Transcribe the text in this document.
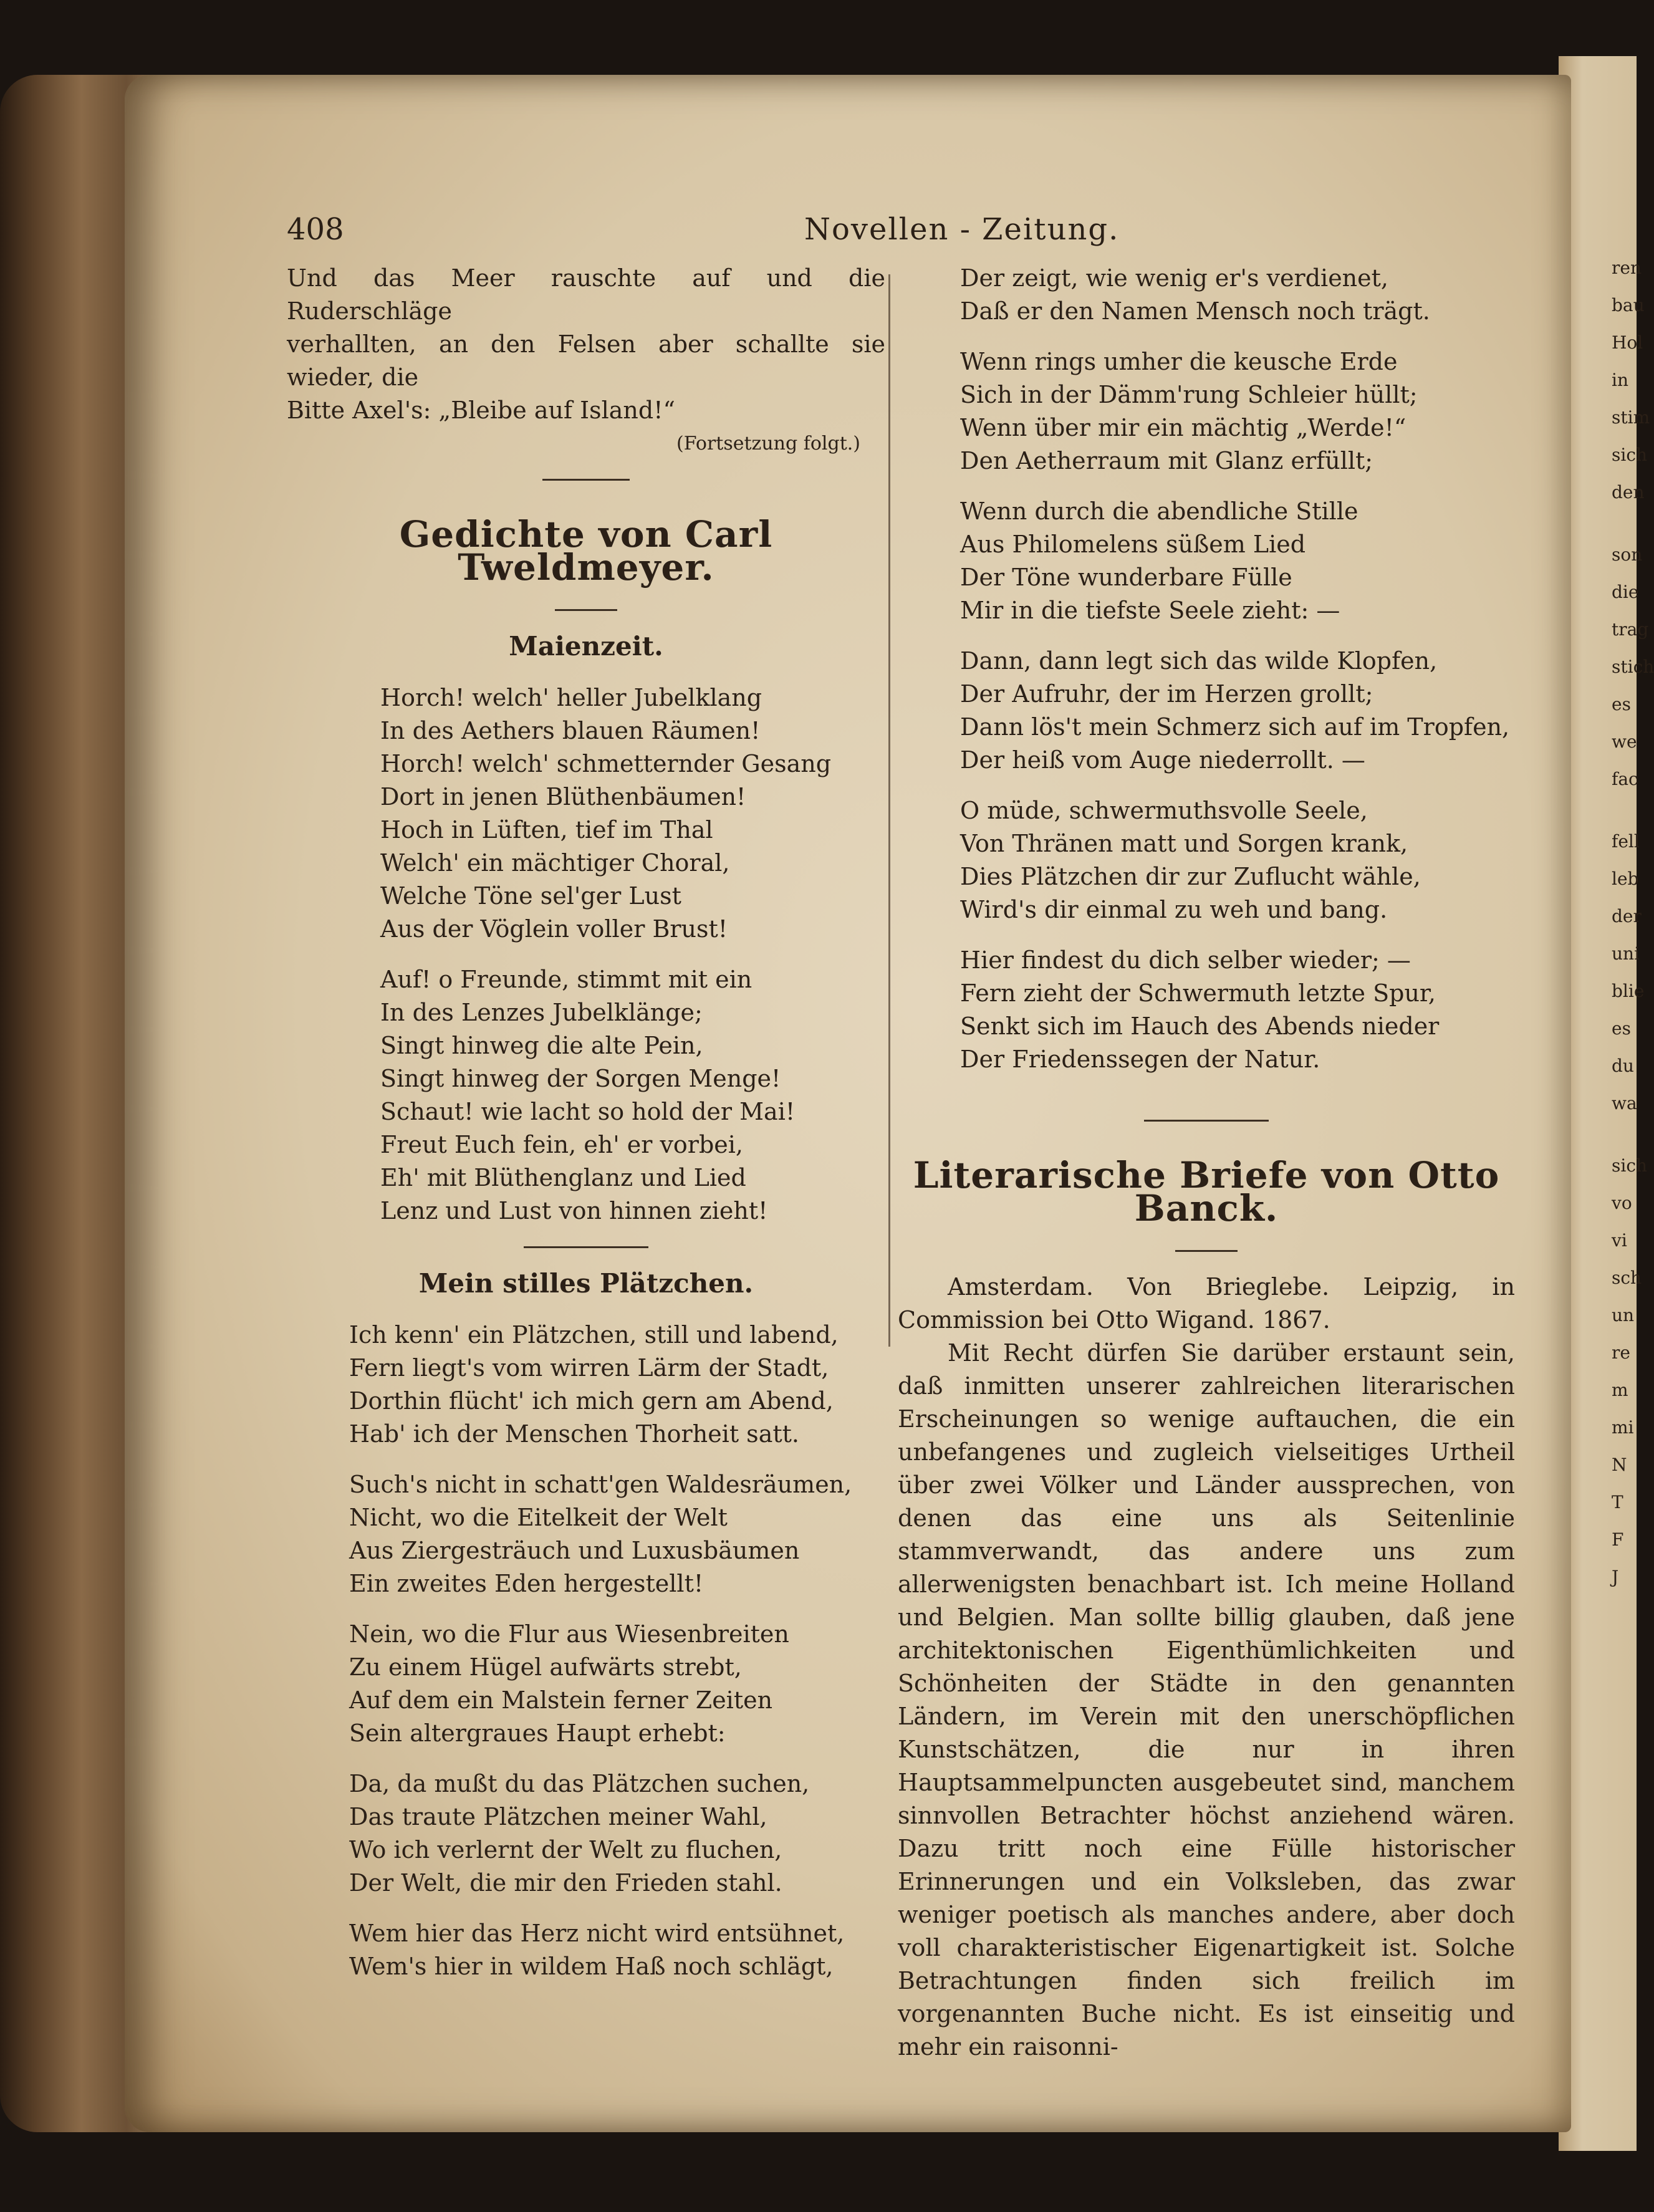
408	Novellen - Zeitung.

Und das Meer rauschte auf und die Ruderschläge
verhallten, an den Felsen aber schallte sie wieder, die
Bitte Axel's: „Bleibe auf Island!“

(Fortsetzung folgt.)

Gedichte von Carl Tweldmeyer.
Maienzeit.
Horch! welch' heller Jubelklang
In des Aethers blauen Räumen!
Horch! welch' schmetternder Gesang
Dort in jenen Blüthenbäumen!
Hoch in Lüften, tief im Thal
Welch' ein mächtiger Choral,
Welche Töne sel'ger Lust
Aus der Vöglein voller Brust!
Auf! o Freunde, stimmt mit ein
In des Lenzes Jubelklänge;
Singt hinweg die alte Pein,
Singt hinweg der Sorgen Menge!
Schaut! wie lacht so hold der Mai!
Freut Euch fein, eh' er vorbei,
Eh' mit Blüthenglanz und Lied
Lenz und Lust von hinnen zieht!
Mein stilles Plätzchen.
Ich kenn' ein Plätzchen, still und labend,
Fern liegt's vom wirren Lärm der Stadt,
Dorthin flücht' ich mich gern am Abend,
Hab' ich der Menschen Thorheit satt.
Such's nicht in schatt'gen Waldesräumen,
Nicht, wo die Eitelkeit der Welt
Aus Ziergesträuch und Luxusbäumen
Ein zweites Eden hergestellt!
Nein, wo die Flur aus Wiesenbreiten
Zu einem Hügel aufwärts strebt,
Auf dem ein Malstein ferner Zeiten
Sein altergraues Haupt erhebt:
Da, da mußt du das Plätzchen suchen,
Das traute Plätzchen meiner Wahl,
Wo ich verlernt der Welt zu fluchen,
Der Welt, die mir den Frieden stahl.
Wem hier das Herz nicht wird entsühnet,
Wem's hier in wildem Haß noch schlägt,
Der zeigt, wie wenig er's verdienet,
Daß er den Namen Mensch noch trägt.
Wenn rings umher die keusche Erde
Sich in der Dämm'rung Schleier hüllt;
Wenn über mir ein mächtig „Werde!“
Den Aetherraum mit Glanz erfüllt;
Wenn durch die abendliche Stille
Aus Philomelens süßem Lied
Der Töne wunderbare Fülle
Mir in die tiefste Seele zieht: —
Dann, dann legt sich das wilde Klopfen,
Der Aufruhr, der im Herzen grollt;
Dann lös't mein Schmerz sich auf im Tropfen,
Der heiß vom Auge niederrollt. —
O müde, schwermuthsvolle Seele,
Von Thränen matt und Sorgen krank,
Dies Plätzchen dir zur Zuflucht wähle,
Wird's dir einmal zu weh und bang.
Hier findest du dich selber wieder; —
Fern zieht der Schwermuth letzte Spur,
Senkt sich im Hauch des Abends nieder
Der Friedenssegen der Natur.
Literarische Briefe von Otto Banck.

Amsterdam. Von Brieglebe. Leipzig, in Commission bei Otto Wigand. 1867.

Mit Recht dürfen Sie darüber erstaunt sein, daß inmitten unserer zahlreichen literarischen Erscheinungen so wenige auftauchen, die ein unbefangenes und zugleich vielseitiges Urtheil über zwei Völker und Länder aussprechen, von denen das eine uns als Seitenlinie stammverwandt, das andere uns zum allerwenigsten benachbart ist. Ich meine Holland und Belgien. Man sollte billig glauben, daß jene architektonischen Eigenthümlichkeiten und Schönheiten der Städte in den genannten Ländern, im Verein mit den unerschöpflichen Kunstschätzen, die nur in ihren Hauptsammelpuncten ausgebeutet sind, manchem sinnvollen Betrachter höchst anziehend wären. Dazu tritt noch eine Fülle historischer Erinnerungen und ein Volksleben, das zwar weniger poetisch als manches andere, aber doch voll charakteristischer Eigenartigkeit ist. Solche Betrachtungen finden sich freilich im vorgenannten Buche nicht. Es ist einseitig und mehr ein raisonni-

ren
bau
Hol
in
stim
sich
den
son
die
trag
stich
es
we
fac
fell
leb
der
uni
blie
es
du
wa
sich
vo
vi
sch
un
re
m
mi
N
T
F
J
